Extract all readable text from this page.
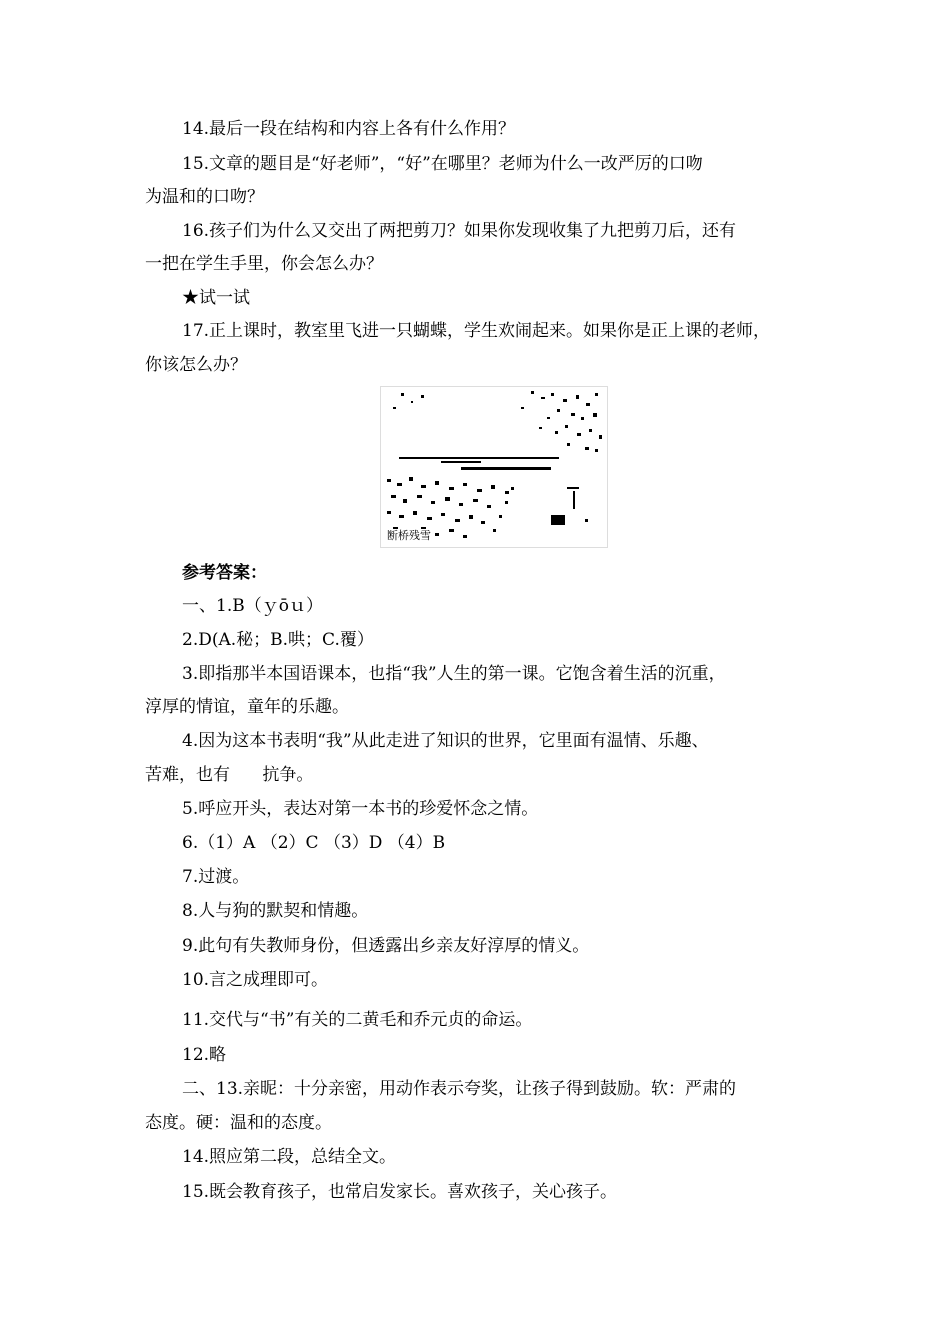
14.最后一段在结构和内容上各有什么作用？
15.文章的题目是“好老师”，“好”在哪里？老师为什么一改严厉的口吻
为温和的口吻？
16.孩子们为什么又交出了两把剪刀？如果你发现收集了九把剪刀后，还有
一把在学生手里，你会怎么办？
★试一试
17.正上课时，教室里飞进一只蝴蝶，学生欢闹起来。如果你是正上课的老师，
你该怎么办？
断桥残雪
参考答案：
一、1.B（ｙōｕ）
2.D(A.秘；B.哄；C.覆）
3.即指那半本国语课本，也指“我”人生的第一课。它饱含着生活的沉重，
淳厚的情谊，童年的乐趣。
4.因为这本书表明“我”从此走进了知识的世界，它里面有温情、乐趣、
苦难，也有      抗争。
5.呼应开头，表达对第一本书的珍爱怀念之情。
6.（1）A （2）C （3）D （4）B
7.过渡。
8.人与狗的默契和情趣。
9.此句有失教师身份，但透露出乡亲友好淳厚的情义。
10.言之成理即可。
11.交代与“书”有关的二黄毛和乔元贞的命运。
12.略
二、13.亲昵：十分亲密，用动作表示夸奖，让孩子得到鼓励。软：严肃的
态度。硬：温和的态度。
14.照应第二段，总结全文。
15.既会教育孩子，也常启发家长。喜欢孩子，关心孩子。
